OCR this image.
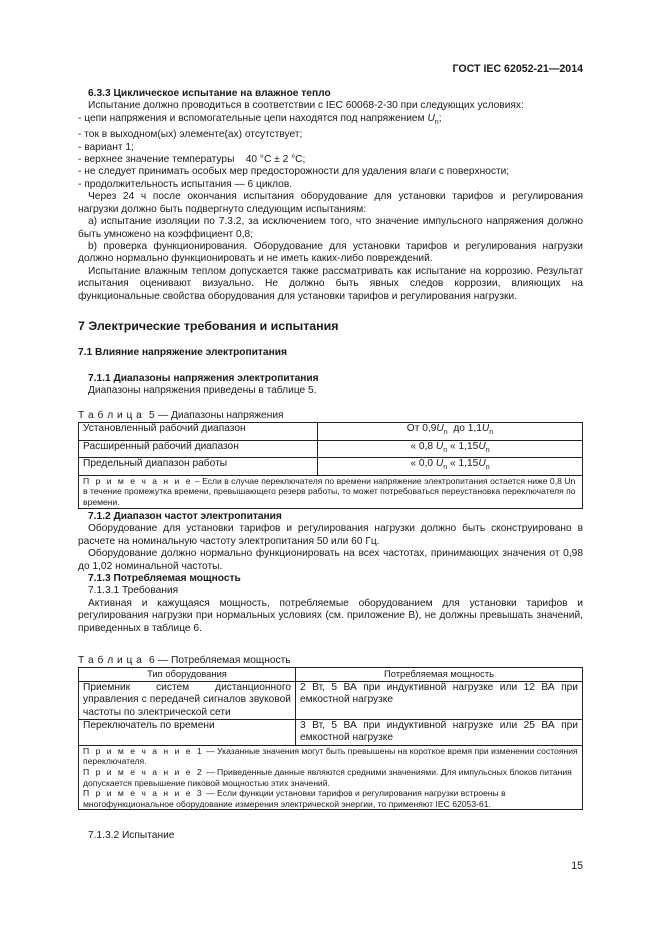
ГОСТ IEC 62052-21—2014

6.3.3 Циклическое испытание на влажное тепло

Испытание должно проводиться в соответствии с IEC 60068-2-30 при следующих условиях:

- цепи напряжения и вспомогательные цепи находятся под напряжением $U_n$;

- ток в выходном(ых) элементе(ах) отсутствует;

- вариант 1;

- верхнее значение температуры    40 °C ± 2 °C;

- не следует принимать особых мер предосторожности для удаления влаги с поверхности;

- продолжительность испытания — 6 циклов.

Через 24 ч после окончания испытания оборудование для установки тарифов и регулирования нагрузки должно быть подвергнуто следующим испытаниям:

а) испытание изоляции по 7.3.2, за исключением того, что значение импульсного напряжения должно быть умножено на коэффициент 0,8;

b) проверка функционирования. Оборудование для установки тарифов и регулирования нагрузки должно нормально функционировать и не иметь каких-либо повреждений.

Испытание влажным теплом допускается также рассматривать как испытание на коррозию. Результат испытания оценивают визуально. Не должно быть явных следов коррозии, влияющих на функциональные свойства оборудования для установки тарифов и регулирования нагрузки.

7 Электрические требования и испытания

7.1 Влияние напряжение электропитания

7.1.1 Диапазоны напряжения электропитания

Диапазоны напряжения приведены в таблице 5.

Т а б л и ц а  5 — Диапазоны напряжения
Установленный рабочий диапазон	От $0,9U_n$  до $1,1U_n$
Расширенный рабочий диапазон	« 0,8 $U_n$ « $1,15U_n$
Предельный диапазон работы	« 0,0 $U_n$ « $1,15U_n$
П р и м е ч а н и е – Если в случае переключателя по времени напряжение электропитания остается ниже 0,8 Un в течение промежутка времени, превышающего резерв работы, то может потребоваться переустановка переключателя по времени.	

7.1.2 Диапазон частот электропитания

Оборудование для установки тарифов и регулирования нагрузки должно быть сконструировано в расчете на номинальную частоту электропитания 50 или 60 Гц.

Оборудование должно нормально функционировать на всех частотах, принимающих значения от 0,98 до 1,02 номинальной частоты.

7.1.3 Потребляемая мощность

7.1.3.1 Требования

Активная и кажущаяся мощность, потребляемые оборудованием для установки тарифов и регулирования нагрузки при нормальных условиях (см. приложение В), не должны превышать значений, приведенных в таблице 6.

Т а б л и ц а  6 — Потребляемая мощность
Тип оборудования	Потребляемая мощность
Приемник систем дистанционного управления с передачей сигналов звуковой частоты по электрической сети	2 Вт, 5 ВА при индуктивной нагрузке или 12 ВА при емкостной нагрузке
Переключатель по времени	3 Вт, 5 ВА при индуктивной нагрузке или 25 ВА при емкостной нагрузке

П р и м е ч а н и е 1 — Указанные значения могут быть превышены на короткое время при изменении состояния переключателя.
П р и м е ч а н и е 2 — Приведенные данные являются средними значениями. Для импульсных блоков питания допускается превышение пиковой мощностью этих значений.
П р и м е ч а н и е 3 — Если функции установки тарифов и регулирования нагрузки встроены в многофункциональное оборудование измерения электрической энергии, то применяют IEC 62053-61.	

7.1.3.2 Испытание

15
